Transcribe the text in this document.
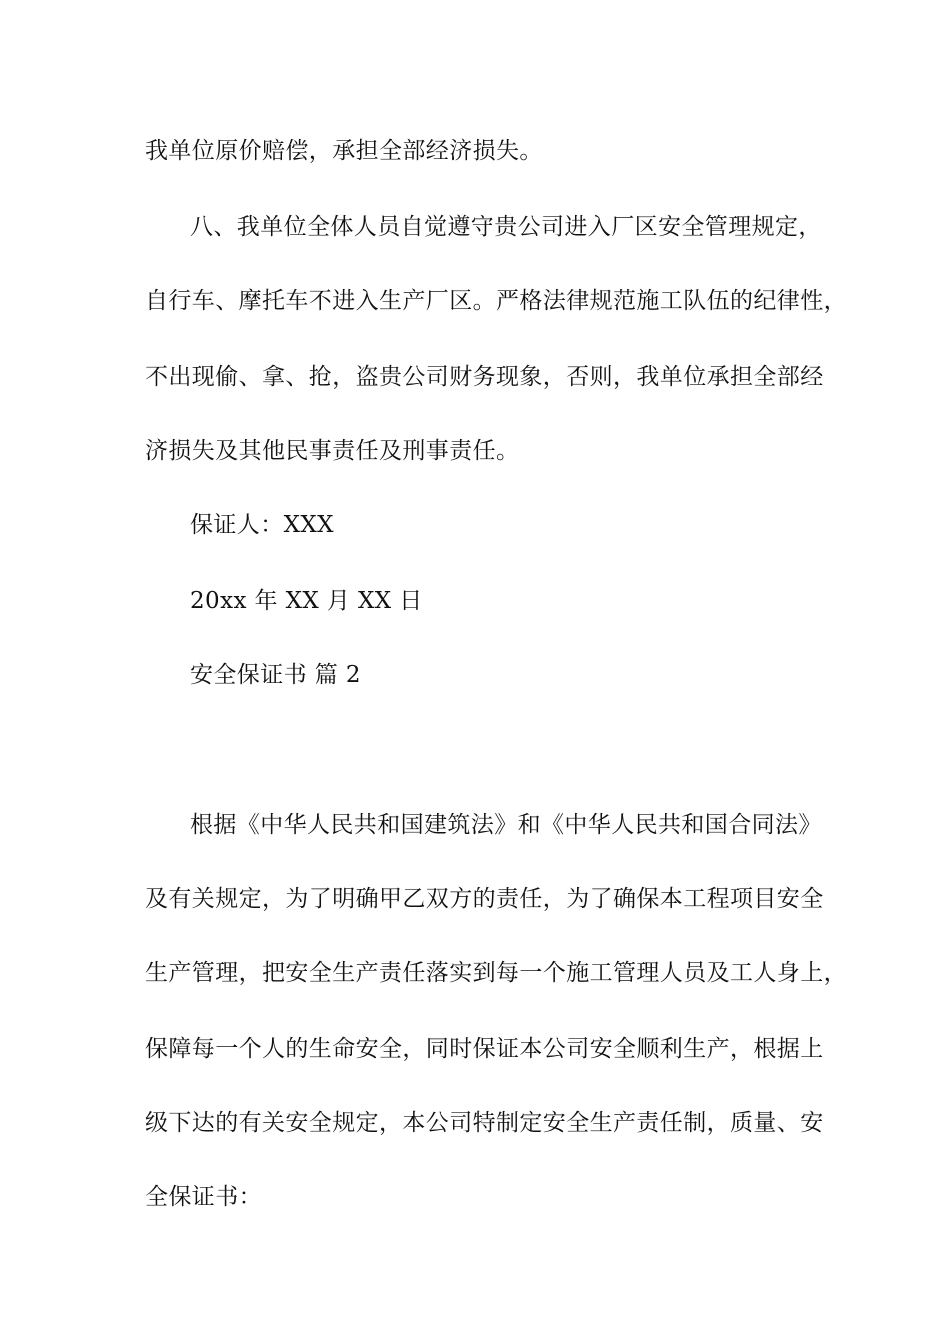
我单位原价赔偿，承担全部经济损失。
八、我单位全体人员自觉遵守贵公司进入厂区安全管理规定，
自行车、摩托车不进入生产厂区。严格法律规范施工队伍的纪律性，
不出现偷、拿、抢，盗贵公司财务现象，否则，我单位承担全部经
济损失及其他民事责任及刑事责任。
保证人：XXX
20xx 年 XX 月 XX 日
安全保证书 篇 2
根据《中华人民共和国建筑法》和《中华人民共和国合同法》
及有关规定，为了明确甲乙双方的责任，为了确保本工程项目安全
生产管理，把安全生产责任落实到每一个施工管理人员及工人身上，
保障每一个人的生命安全，同时保证本公司安全顺利生产，根据上
级下达的有关安全规定，本公司特制定安全生产责任制，质量、安
全保证书：
